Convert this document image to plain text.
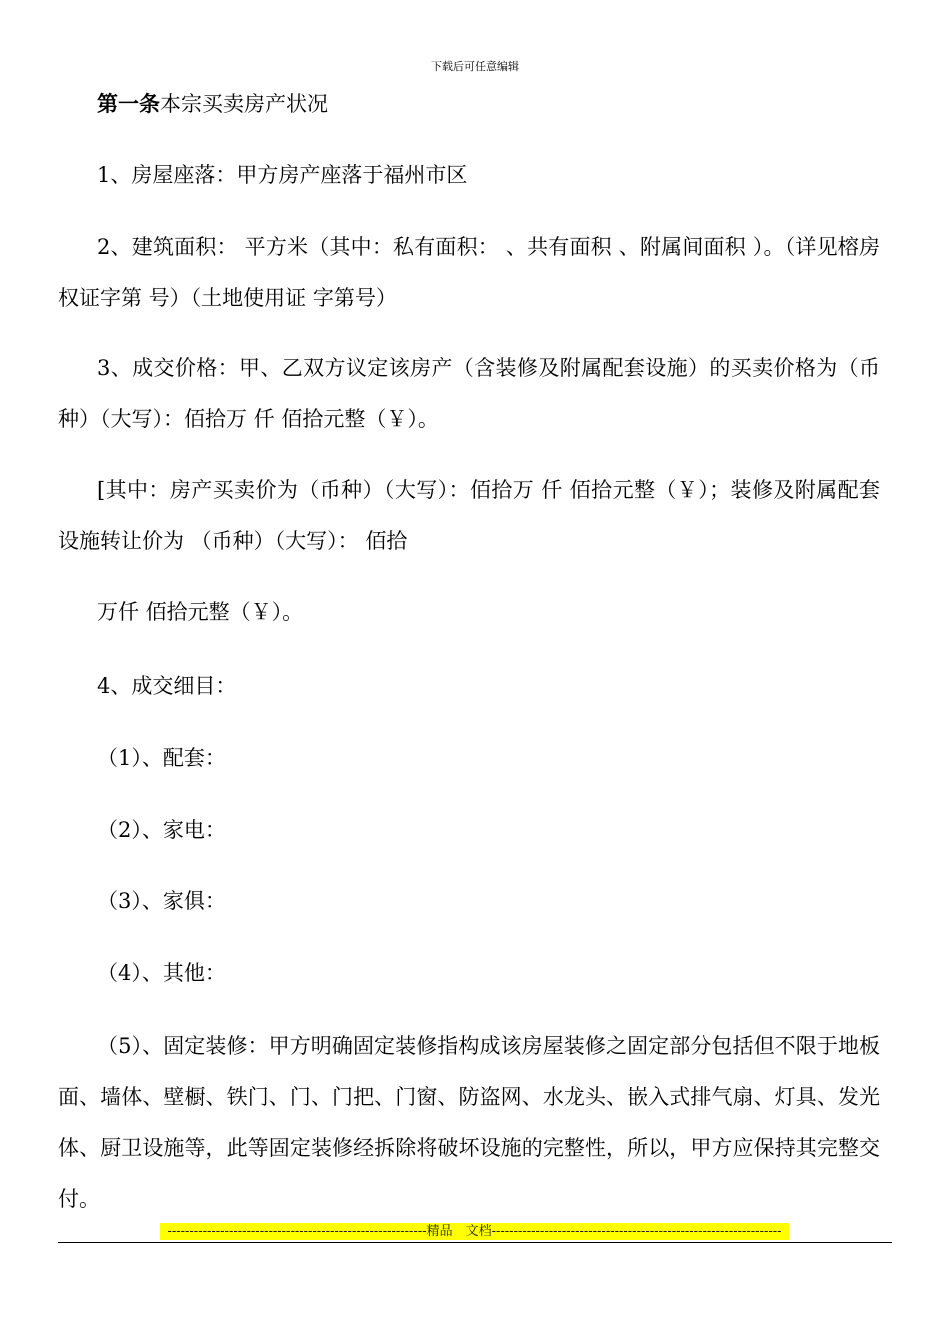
下载后可任意编辑
第一条本宗买卖房产状况
1、房屋座落：甲方房产座落于福州市区
2、建筑面积： 平方米（其中：私有面积： 、共有面积 、附属间面积 ）。（详见榕房权证字第 号）（土地使用证 字第号）
3、成交价格：甲、乙双方议定该房产（含装修及附属配套设施）的买卖价格为（币种）（大写）：佰拾万 仟 佰拾元整（￥）。
[其中：房产买卖价为（币种）（大写）：佰拾万 仟 佰拾元整（￥）；装修及附属配套设施转让价为 （币种）（大写）： 佰拾
万仟 佰拾元整（￥）。
4、成交细目：
（1）、配套：
（2）、家电：
（3）、家俱：
（4）、其他：
（5）、固定装修：甲方明确固定装修指构成该房屋装修之固定部分包括但不限于地板面、墙体、壁橱、铁门、门、门把、门窗、防盗网、水龙头、嵌入式排气扇、灯具、发光体、厨卫设施等，此等固定装修经拆除将破坏设施的完整性，所以，甲方应保持其完整交付。
-----------------------------------------------------------精品　文档------------------------------------------------------------------
